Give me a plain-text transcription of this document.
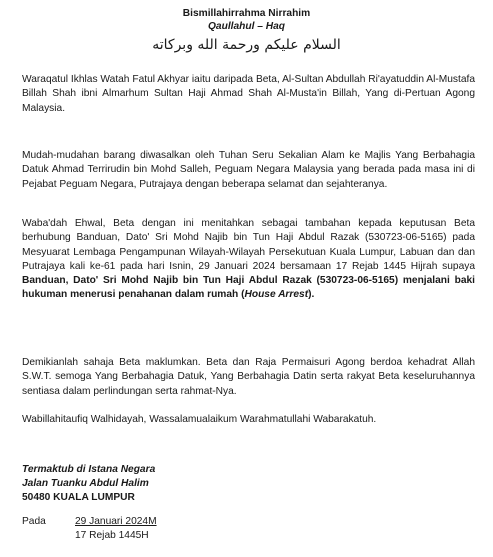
Bismillahirrahma Nirrahim
Qaullahul – Haq
السلام عليكم ورحمة الله وبركاته

Waraqatul Ikhlas Watah Fatul Akhyar iaitu daripada Beta, Al-Sultan Abdullah Ri'ayatuddin Al-Mustafa Billah Shah ibni Almarhum Sultan Haji Ahmad Shah Al-Musta'in Billah, Yang di-Pertuan Agong Malaysia.

Mudah-mudahan barang diwasalkan oleh Tuhan Seru Sekalian Alam ke Majlis Yang Berbahagia Datuk Ahmad Terrirudin bin Mohd Salleh, Peguam Negara Malaysia yang berada pada masa ini di Pejabat Peguam Negara, Putrajaya dengan beberapa selamat dan sejahteranya.

Waba'dah Ehwal, Beta dengan ini menitahkan sebagai tambahan kepada keputusan Beta berhubung Banduan, Dato' Sri Mohd Najib bin Tun Haji Abdul Razak (530723-06-5165) pada Mesyuarat Lembaga Pengampunan Wilayah-Wilayah Persekutuan Kuala Lumpur, Labuan dan dan Putrajaya kali ke-61 pada hari Isnin, 29 Januari 2024 bersamaan 17 Rejab 1445 Hijrah supaya Banduan, Dato' Sri Mohd Najib bin Tun Haji Abdul Razak (530723-06-5165) menjalani baki hukuman menerusi penahanan dalam rumah (House Arrest).

Demikianlah sahaja Beta maklumkan. Beta dan Raja Permaisuri Agong berdoa kehadrat Allah S.W.T. semoga Yang Berbahagia Datuk, Yang Berbahagia Datin serta rakyat Beta keseluruhannya sentiasa dalam perlindungan serta rahmat-Nya.

Wabillahitaufiq Walhidayah, Wassalamualaikum Warahmatullahi Wabarakatuh.

Termaktub di Istana Negara
Jalan Tuanku Abdul Halim
50480 KUALA LUMPUR
Pada	29 Januari 2024M
17 Rejab 1445H
